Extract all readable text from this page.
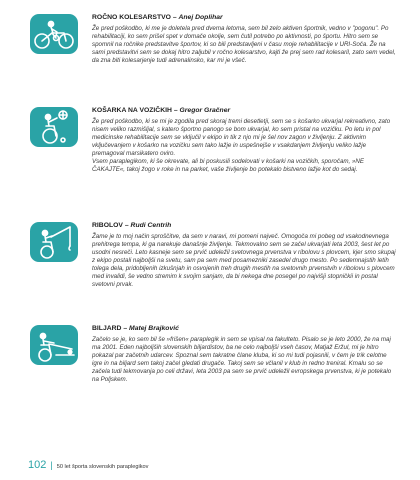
ROČNO KOLESARSTVO – Anej Doplihar

Že pred poškodbo, ki me je doletela pred dvema letoma, sem bil zelo aktiven športnik, vedno v "pogonu". Po rehabilitaciji, ko sem prišel spet v domače okolje, sem čutil potrebo po aktivnosti, po športu. Hitro sem se spomnil na ročnike predstavitve športov, ki so bili predstavljeni v času moje rehabilitacije v URI-Soča. Že na sami predstavitvi sem se dokaj hitro zaljubil v ročno kolesarstvo, kajti že prej sem rad kolesaril, zato sem vedel, da zna biti kolesarjenje tudi adrenalinsko, kar mi je všeč.

KOŠARKA NA VOZIČKIH – Gregor Gračner

Že pred poškodbo, ki se mi je zgodila pred skoraj tremi desetletji, sem se s košarko ukvarjal rekreativno, zato nisem veliko razmišljal, s katero športno panogo se bom ukvarjal, ko sem pristal na vozičku. Po letu in pol medicinske rehabilitacije sem se vključil v ekipo in tik z njo mi je šel nov zagon v življenju. Z aktivnim vključevanjem v košarko na vozičku sem tako lažje in uspešnejše v vsakdanjem življenju veliko lažje premagoval marsikatero oviro.

Vsem paraplegikom, ki še okrevate, ali bi poskusili sodelovati v košarki na vozičkih, sporočam, »NE ČAKAJTE«, takoj žogo v roke in na parket, vaše življenje bo potekalo bistveno lažje kot do sedaj.

RIBOLOV – Rudi Centrih

Žame je to moj način sproščitve, da sem v naravi, mi pomeni največ. Omogoča mi pobeg od vsakodnevnega prehitrega tempa, ki ga narekuje današnje življenje. Tekmovalno sem se začel ukvarjati leta 2003, šest let po usodni nesreči. Leto kasneje sem se prvič udeležil svetovnega prvenstva v ribolovu s plovcem, kjer smo skupaj z ekipo postali najboljši na svetu, sam pa sem med posamezniki zasedel drugo mesto. Po sedemnajstih letih tolega dela, pridobljenih izkušnjah in osvojenih treh drugih mestih na svetovnih prvenstvih v ribolovu s plovcem med invalidi, še vedno stremim k svojim sanjam, da bi nekega dne posegel po najvišji stopničkii in postal svetovni prvak.

BILJARD – Matej Brajković

Začelo se je, ko sem bil še »frišen« paraplegik in sem se vpisal na fakulteto. Pisalo se je leto 2000, že na maj ma 2001. Eden najboljših slovenskih biljardistov, ba ne celo najboljši vseh časov, Matjaž Eržul, mi je hitro pokazal par začetnih udarcev. Spoznal sem takratne člane kluba, ki so mi tudi pojasnili, v čem je trik celotne igre in na biljard sem takoj začel gledati drugače. Takoj sem se včlanil v klub in redno treniral. Kmalu so se začela tudi tekmovanja po celi državi, leta 2003 pa sem se prvič udeležil evropskega prvenstva, ki je potekalo na Poljskem.

102 | 50 let športa slovenskih paraplegikov
